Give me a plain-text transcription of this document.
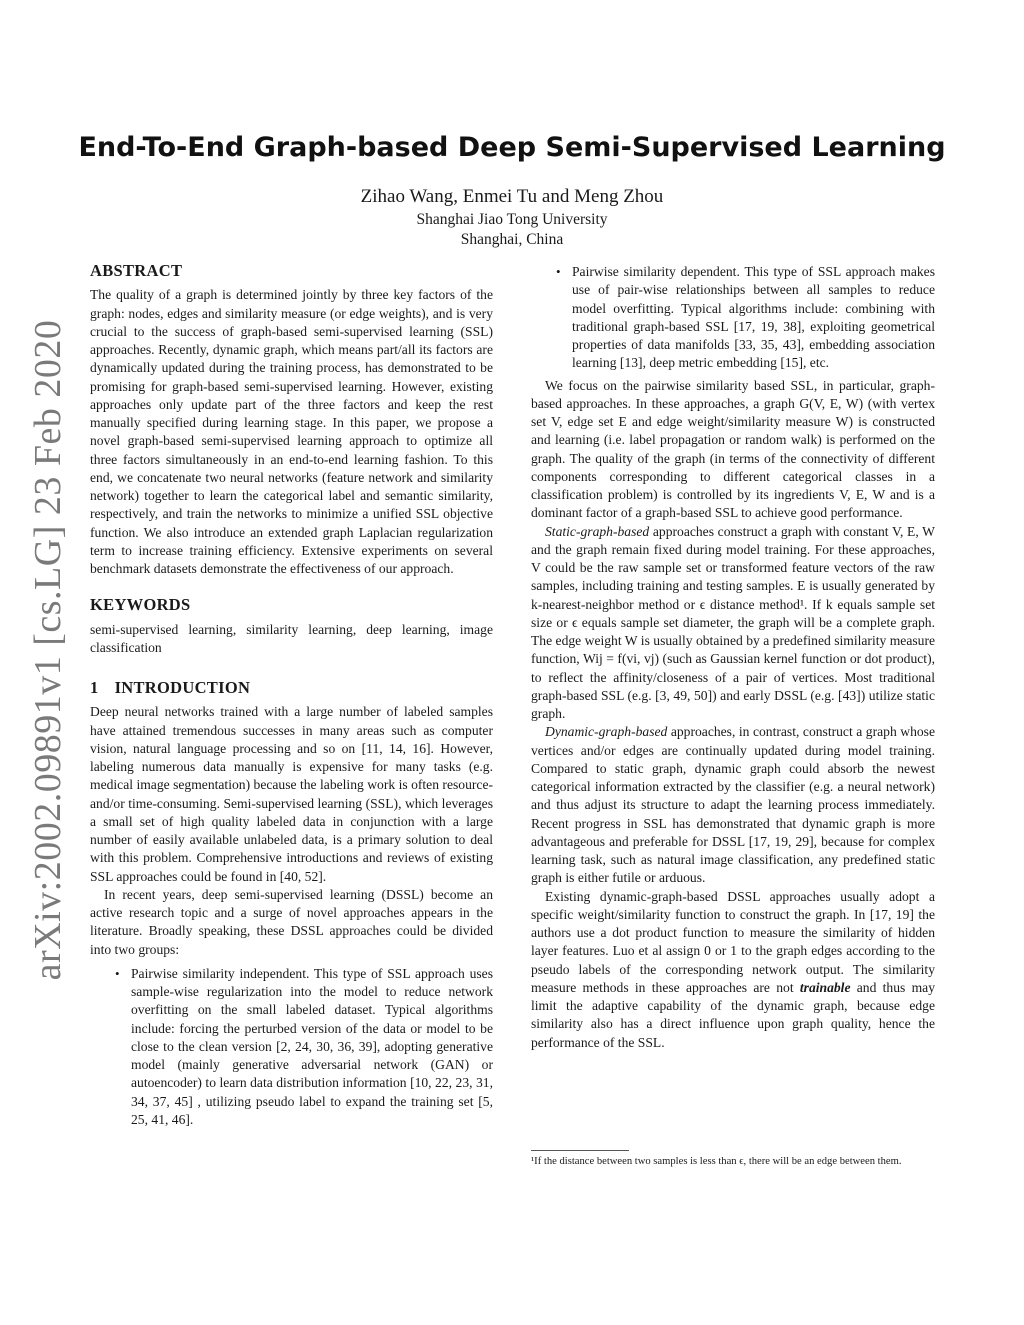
arXiv:2002.09891v1 [cs.LG] 23 Feb 2020
End-To-End Graph-based Deep Semi-Supervised Learning
Zihao Wang, Enmei Tu and Meng Zhou
Shanghai Jiao Tong University
Shanghai, China
ABSTRACT

The quality of a graph is determined jointly by three key factors of the graph: nodes, edges and similarity measure (or edge weights), and is very crucial to the success of graph-based semi-supervised learning (SSL) approaches. Recently, dynamic graph, which means part/all its factors are dynamically updated during the training process, has demonstrated to be promising for graph-based semi-supervised learning. However, existing approaches only update part of the three factors and keep the rest manually specified during learning stage. In this paper, we propose a novel graph-based semi-supervised learning approach to optimize all three factors simultaneously in an end-to-end learning fashion. To this end, we concatenate two neural networks (feature network and similarity network) together to learn the categorical label and semantic similarity, respectively, and train the networks to minimize a unified SSL objective function. We also introduce an extended graph Laplacian regularization term to increase training efficiency. Extensive experiments on several benchmark datasets demonstrate the effectiveness of our approach.

KEYWORDS

semi-supervised learning, similarity learning, deep learning, image classification

1 INTRODUCTION

Deep neural networks trained with a large number of labeled samples have attained tremendous successes in many areas such as computer vision, natural language processing and so on [11, 14, 16]. However, labeling numerous data manually is expensive for many tasks (e.g. medical image segmentation) because the labeling work is often resource- and/or time-consuming. Semi-supervised learning (SSL), which leverages a small set of high quality labeled data in conjunction with a large number of easily available unlabeled data, is a primary solution to deal with this problem. Comprehensive introductions and reviews of existing SSL approaches could be found in [40, 52].

In recent years, deep semi-supervised learning (DSSL) become an active research topic and a surge of novel approaches appears in the literature. Broadly speaking, these DSSL approaches could be divided into two groups:

• Pairwise similarity independent. This type of SSL approach uses sample-wise regularization into the model to reduce network overfitting on the small labeled dataset. Typical algorithms include: forcing the perturbed version of the data or model to be close to the clean version [2, 24, 30, 36, 39], adopting generative model (mainly generative adversarial network (GAN) or autoencoder) to learn data distribution information [10, 22, 23, 31, 34, 37, 45] , utilizing pseudo label to expand the training set [5, 25, 41, 46].
• Pairwise similarity dependent. This type of SSL approach makes use of pair-wise relationships between all samples to reduce model overfitting. Typical algorithms include: combining with traditional graph-based SSL [17, 19, 38], exploiting geometrical properties of data manifolds [33, 35, 43], embedding association learning [13], deep metric embedding [15], etc.

We focus on the pairwise similarity based SSL, in particular, graph-based approaches. In these approaches, a graph G(V, E, W) (with vertex set V, edge set E and edge weight/similarity measure W) is constructed and learning (i.e. label propagation or random walk) is performed on the graph. The quality of the graph (in terms of the connectivity of different components corresponding to different categorical classes in a classification problem) is controlled by its ingredients V, E, W and is a dominant factor of a graph-based SSL to achieve good performance.

Static-graph-based approaches construct a graph with constant V, E, W and the graph remain fixed during model training. For these approaches, V could be the raw sample set or transformed feature vectors of the raw samples, including training and testing samples. E is usually generated by k-nearest-neighbor method or ϵ distance method¹. If k equals sample set size or ϵ equals sample set diameter, the graph will be a complete graph. The edge weight W is usually obtained by a predefined similarity measure function, Wij = f(vi, vj) (such as Gaussian kernel function or dot product), to reflect the affinity/closeness of a pair of vertices. Most traditional graph-based SSL (e.g. [3, 49, 50]) and early DSSL (e.g. [43]) utilize static graph.

Dynamic-graph-based approaches, in contrast, construct a graph whose vertices and/or edges are continually updated during model training. Compared to static graph, dynamic graph could absorb the newest categorical information extracted by the classifier (e.g. a neural network) and thus adjust its structure to adapt the learning process immediately. Recent progress in SSL has demonstrated that dynamic graph is more advantageous and preferable for DSSL [17, 19, 29], because for complex learning task, such as natural image classification, any predefined static graph is either futile or arduous.

Existing dynamic-graph-based DSSL approaches usually adopt a specific weight/similarity function to construct the graph. In [17, 19] the authors use a dot product function to measure the similarity of hidden layer features. Luo et al assign 0 or 1 to the graph edges according to the pseudo labels of the corresponding network output. The similarity measure methods in these approaches are not trainable and thus may limit the adaptive capability of the dynamic graph, because edge similarity also has a direct influence upon graph quality, hence the performance of the SSL.

¹If the distance between two samples is less than ϵ, there will be an edge between them.
